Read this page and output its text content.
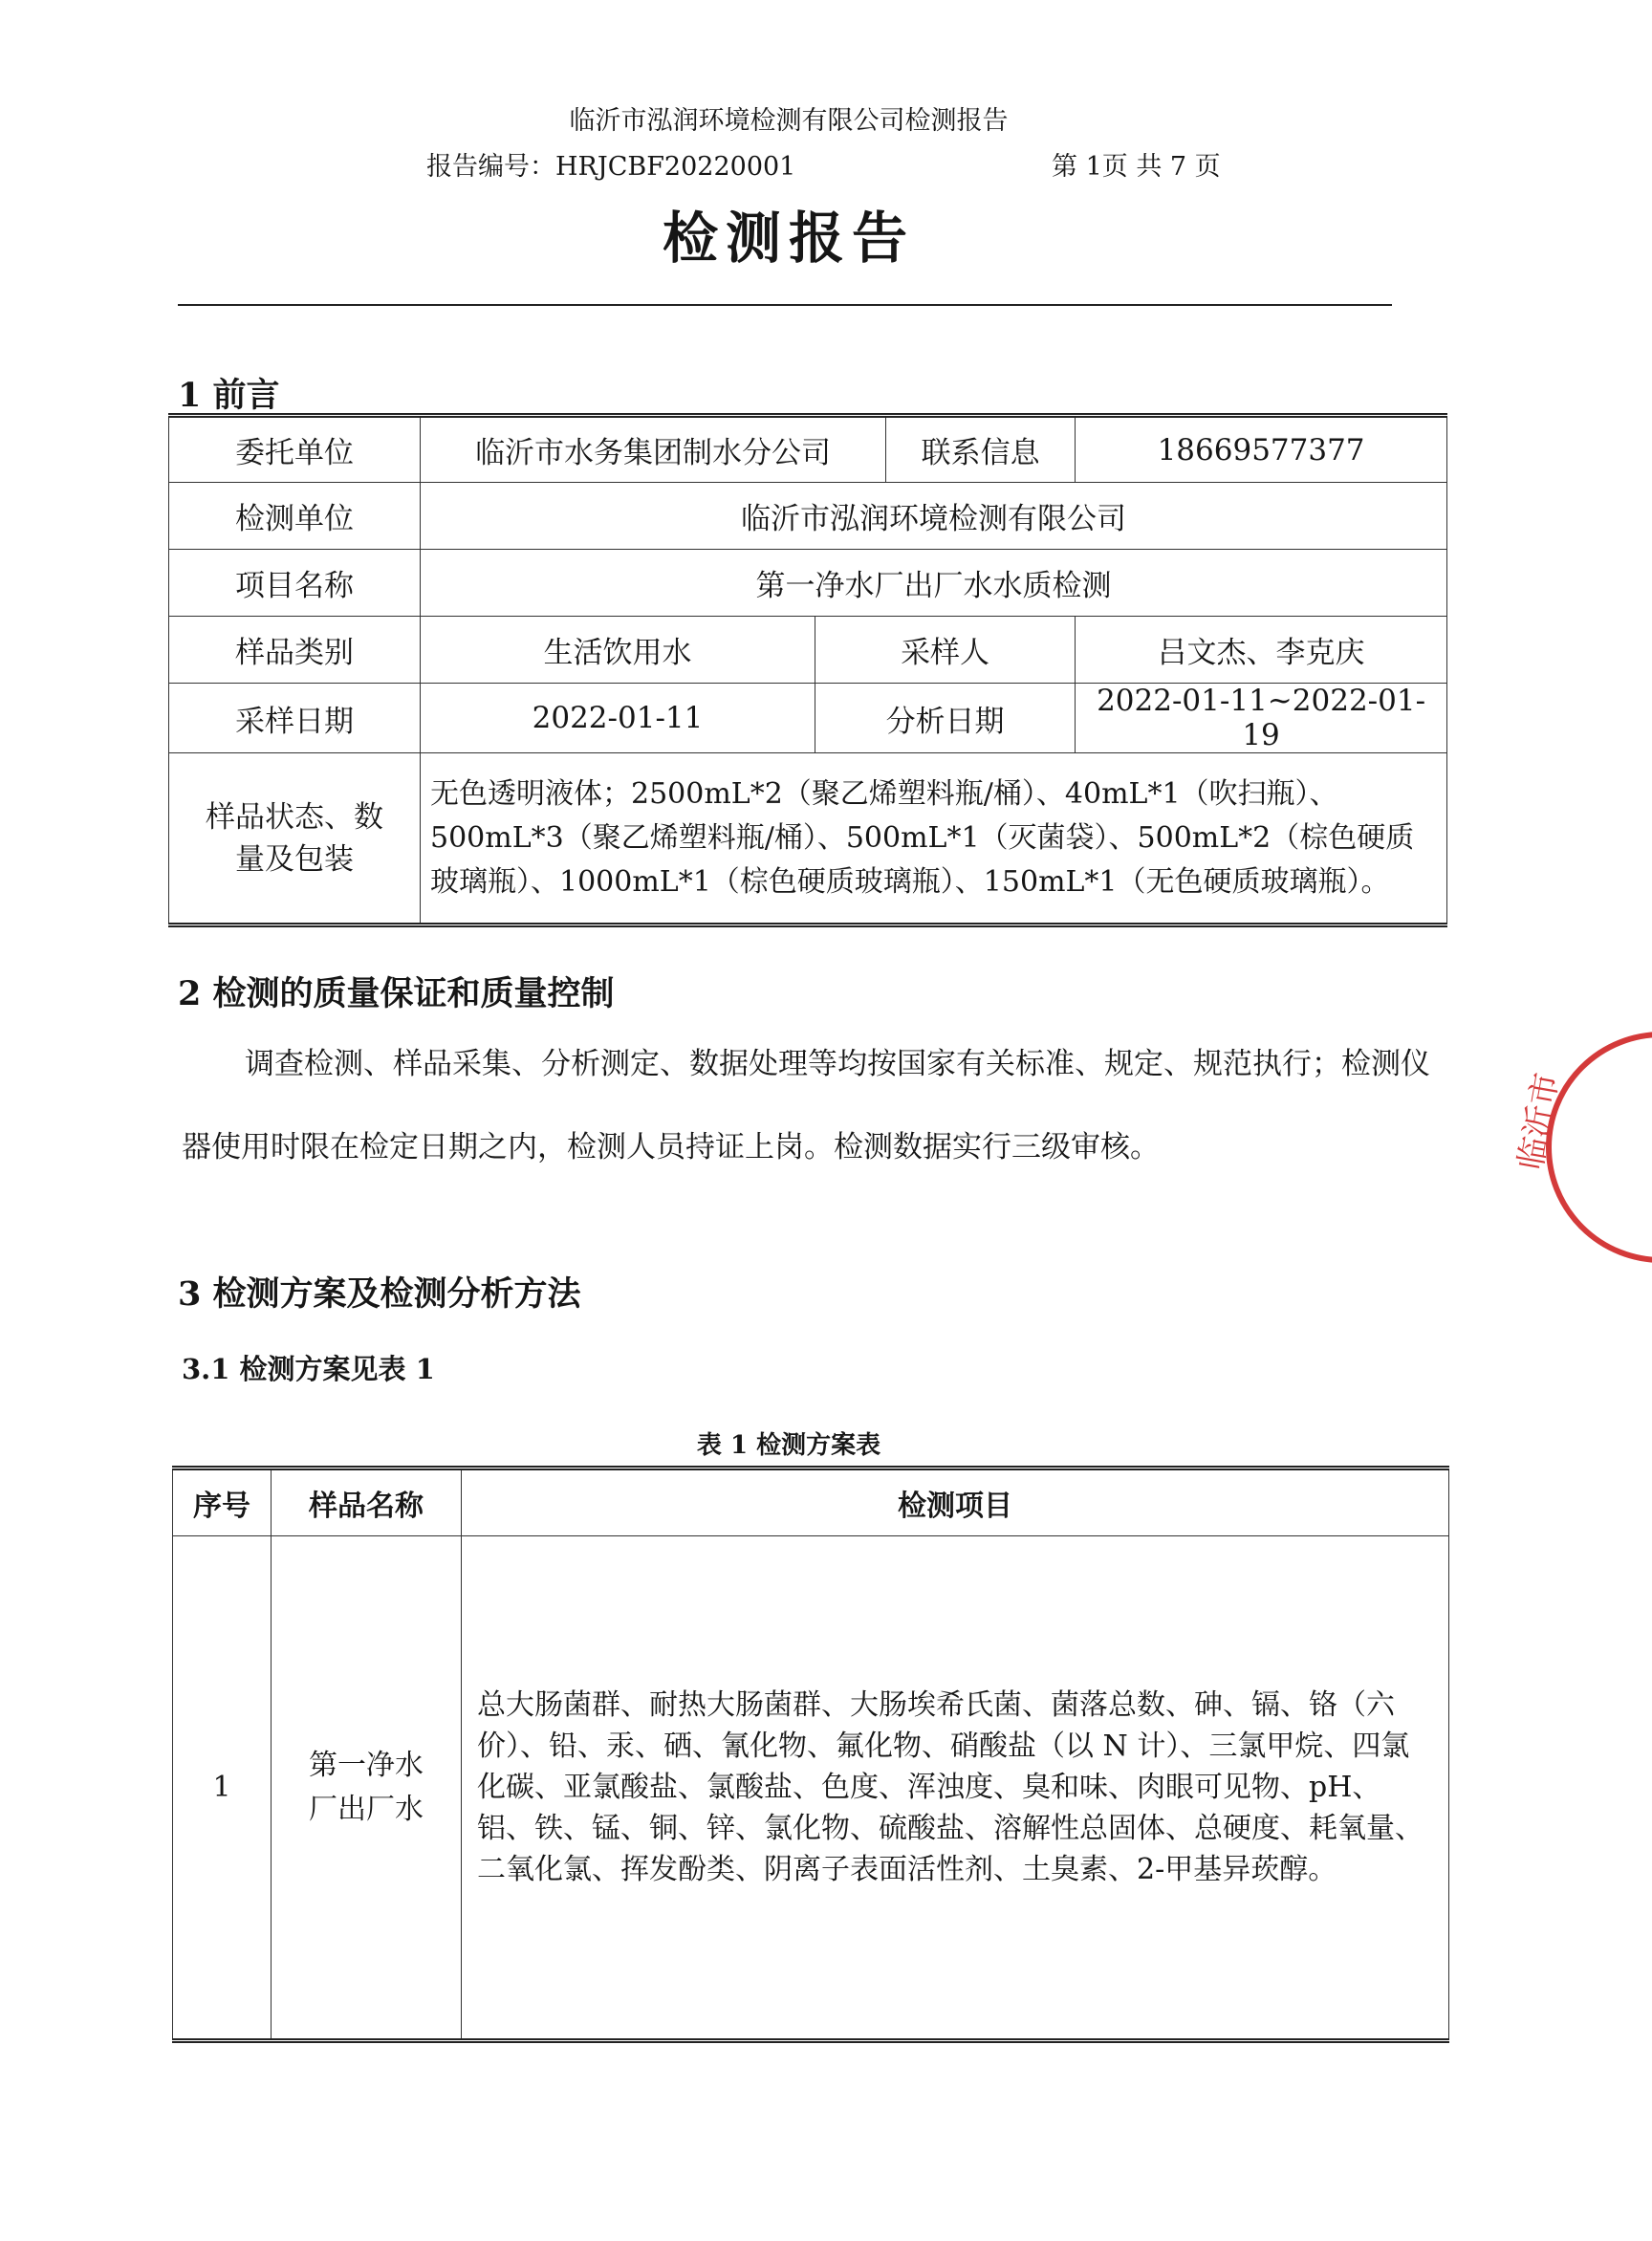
临沂市泓润环境检测有限公司检测报告
报告编号：HRJCBF20220001	第 1页 共 7 页
检测报告
1 前言
委托单位	临沂市水务集团制水分公司		联系信息	18669577377
检测单位	临沂市泓润环境检测有限公司			
项目名称	第一净水厂出厂水水质检测			
样品类别	生活饮用水	采样人		吕文杰、李克庆
采样日期	2022-01-11	分析日期		2022-01-11~2022-01-19

样品状态、数
量及包装	无色透明液体；2500mL*2（聚乙烯塑料瓶/桶）、40mL*1（吹扫瓶）、500mL*3（聚乙烯塑料瓶/桶）、500mL*1（灭菌袋）、500mL*2（棕色硬质玻璃瓶）、1000mL*1（棕色硬质玻璃瓶）、150mL*1（无色硬质玻璃瓶）。			
2 检测的质量保证和质量控制
调查检测、样品采集、分析测定、数据处理等均按国家有关标准、规定、规范执行；检测仪器使用时限在检定日期之内，检测人员持证上岗。检测数据实行三级审核。
3 检测方案及检测分析方法
3.1 检测方案见表 1
表 1 检测方案表
序号	样品名称	检测项目
1	第一净水
厂出厂水	总大肠菌群、耐热大肠菌群、大肠埃希氏菌、菌落总数、砷、镉、铬（六价）、铅、汞、硒、氰化物、氟化物、硝酸盐（以 N 计）、三氯甲烷、四氯化碳、亚氯酸盐、氯酸盐、色度、浑浊度、臭和味、肉眼可见物、pH、铝、铁、锰、铜、锌、氯化物、硫酸盐、溶解性总固体、总硬度、耗氧量、二氧化氯、挥发酚类、阴离子表面活性剂、土臭素、2-甲基异莰醇。
临沂市
